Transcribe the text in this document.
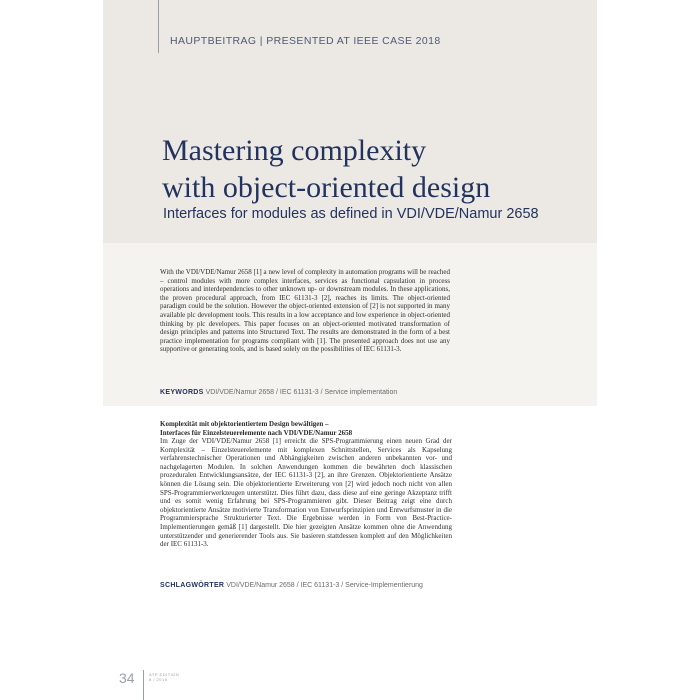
HAUPTBEITRAG | PRESENTED AT IEEE CASE 2018
Mastering complexity
with object-oriented design
Interfaces for modules as defined in VDI/VDE/Namur 2658

With the VDI/VDE/Namur 2658 [1] a new level of complexity in automation programs will be reached – control modules with more complex interfaces, services as functional capsulation in process operations and interdependencies to other unknown up- or downstream modules. In these applications, the proven procedural approach, from IEC 61131-3 [2], reaches its limits. The object-oriented paradigm could be the solution. However the object-oriented extension of [2] is not supported in many available plc development tools. This results in a low acceptance and low experience in object-oriented thinking by plc developers. This paper focuses on an object-oriented motivated transformation of design principles and patterns into Structured Text. The results are demonstrated in the form of a best practice implementation for programs compliant with [1]. The presented approach does not use any supportive or generating tools, and is based solely on the possibilities of IEC 61131-3.

KEYWORDS VDI/VDE/Namur 2658 / IEC 61131-3 / Service implementation

Komplexität mit objektorientiertem Design bewältigen –
Interfaces für Einzelsteuerelemente nach VDI/VDE/Namur 2658

Im Zuge der VDI/VDE/Namur 2658 [1] erreicht die SPS-Programmierung einen neuen Grad der Komplexität – Einzelsteuerelemente mit komplexen Schnittstellen, Services als Kapselung verfahrenstechnischer Operationen und Abhängigkeiten zwischen anderen unbekannten vor- und nachgelagerten Modulen. In solchen Anwendungen kommen die bewährten doch klassischen prozeduralen Entwicklungsansätze, der IEC 61131-3 [2], an ihre Grenzen. Objektorientierte Ansätze können die Lösung sein. Die objektorientierte Erweiterung von [2] wird jedoch noch nicht von allen SPS-Programmierwerkzeugen unterstützt. Dies führt dazu, dass diese auf eine geringe Akzeptanz trifft und es somit wenig Erfahrung bei SPS-Programmieren gibt. Dieser Beitrag zeigt eine durch objektorientierte Ansätze motivierte Transformation von Entwurfsprinzipien und Entwurfsmuster in die Programmiersprache Strukturierter Text. Die Ergebnisse werden in Form von Best-Practice-Implementierungen gemäß [1] dargestellt. Die hier gezeigten Ansätze kommen ohne die Anwendung unterstützender und generierender Tools aus. Sie basieren stattdessen komplett auf den Möglichkeiten der IEC 61131-3.

SCHLAGWÖRTER VDI/VDE/Namur 2658 / IEC 61131-3 / Service-Implementierung
34	ATP EDITION
8 / 2018
